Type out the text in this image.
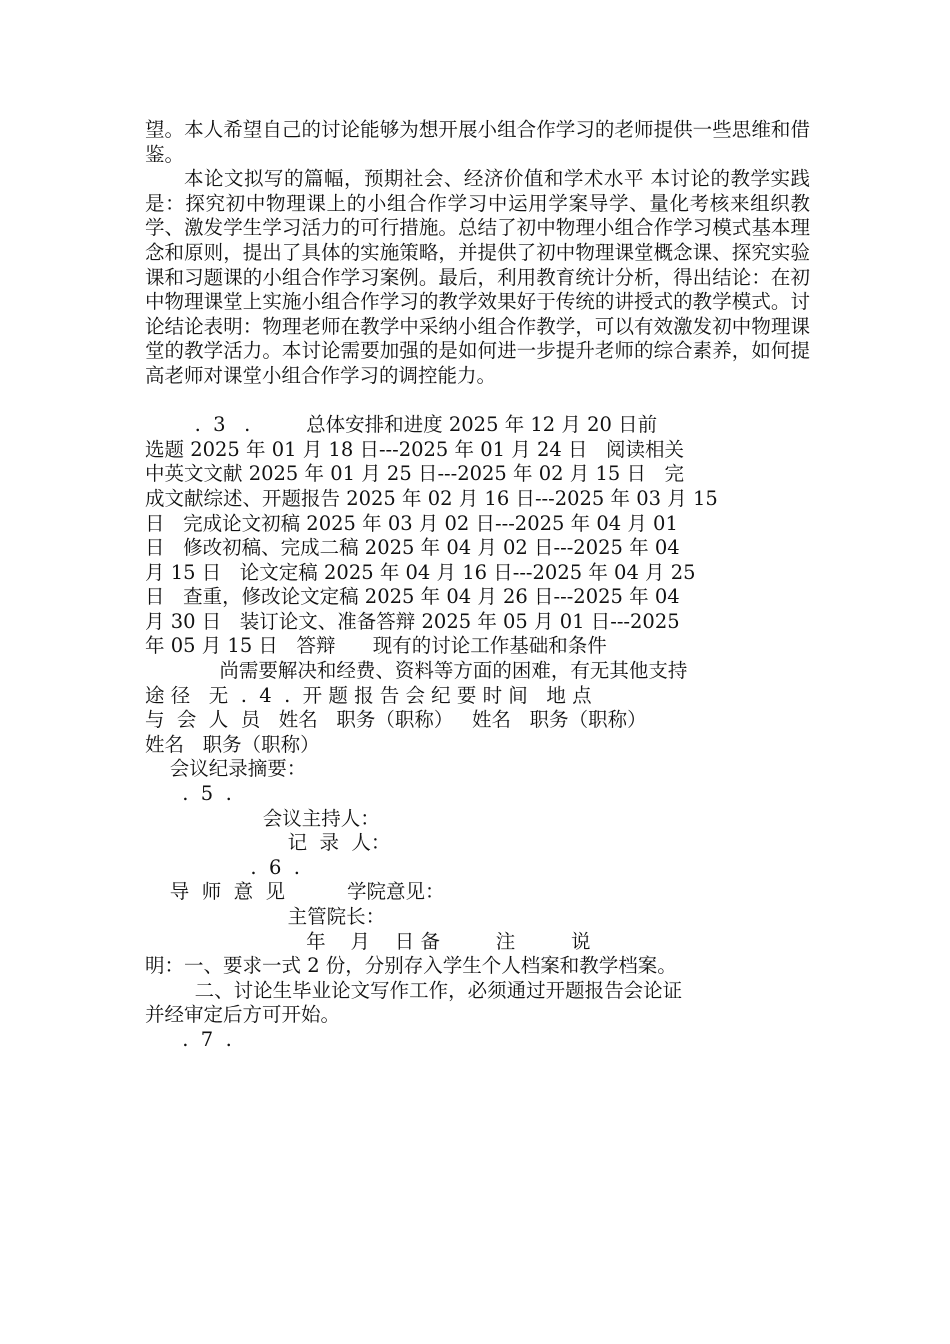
望。本人希望自己的讨论能够为想开展小组合作学习的老师提供一些思维和借鉴。

本论文拟写的篇幅，预期社会、经济价值和学术水平 本讨论的教学实践是：探究初中物理课上的小组合作学习中运用学案导学、量化考核来组织教学、激发学生学习活力的可行措施。总结了初中物理小组合作学习模式基本理念和原则，提出了具体的实施策略，并提供了初中物理课堂概念课、探究实验课和习题课的小组合作学习案例。最后，利用教育统计分析，得出结论：在初中物理课堂上实施小组合作学习的教学效果好于传统的讲授式的教学模式。讨论结论表明：物理老师在教学中采纳小组合作教学，可以有效激发初中物理课堂的教学活力。本讨论需要加强的是如何进一步提升老师的综合素养，如何提高老师对课堂小组合作学习的调控能力。

.  3   .         总体安排和进度 2025 年 12 月 20 日前

选题 2025 年 01 月 18 日---2025 年 01 月 24 日   阅读相关

中英文文献 2025 年 01 月 25 日---2025 年 02 月 15 日   完

成文献综述、开题报告 2025 年 02 月 16 日---2025 年 03 月 15

日   完成论文初稿 2025 年 03 月 02 日---2025 年 04 月 01

日   修改初稿、完成二稿 2025 年 04 月 02 日---2025 年 04

月 15 日   论文定稿 2025 年 04 月 16 日---2025 年 04 月 25

日   查重，修改论文定稿 2025 年 04 月 26 日---2025 年 04

月 30 日   装订论文、准备答辩 2025 年 05 月 01 日---2025

年 05 月 15 日   答辩      现有的讨论工作基础和条件

尚需要解决和经费、资料等方面的困难，有无其他支持

途 径   无  .  4  .  开 题 报 告 会 纪 要 时 间   地 点

与  会  人  员   姓名   职务（职称）   姓名   职务（职称）

姓名   职务（职称）

会议纪录摘要：

.  5  .

会议主持人：

记  录  人：

.  6  .

导  师  意  见          学院意见：

主管院长：

年    月    日 备         注         说

明：一、要求一式 2 份，分别存入学生个人档案和教学档案。

二、讨论生毕业论文写作工作，必须通过开题报告会论证

并经审定后方可开始。

.  7  .
